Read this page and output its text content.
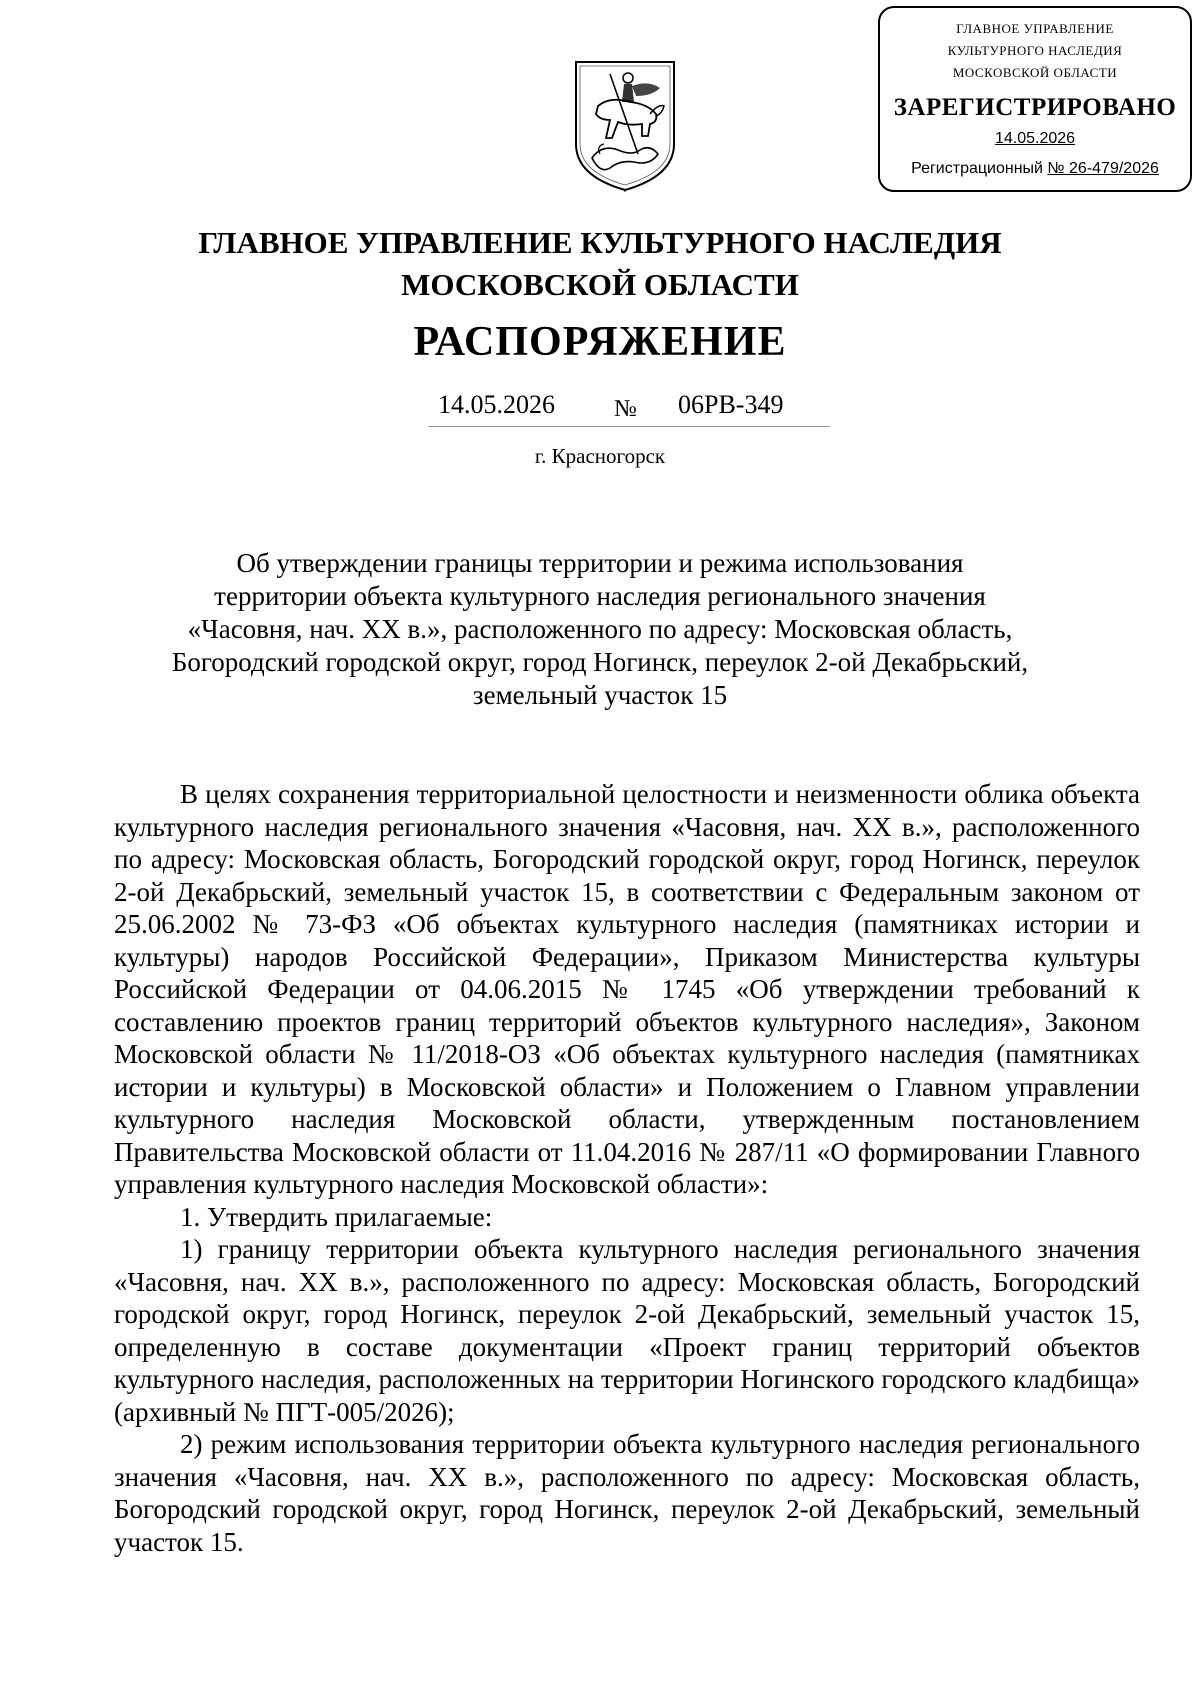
ГЛАВНОЕ УПРАВЛЕНИЕ
КУЛЬТУРНОГО НАСЛЕДИЯ
МОСКОВСКОЙ ОБЛАСТИ
ЗАРЕГИСТРИРОВАНО
14.05.2026
Регистрационный № 26-479/2026
ГЛАВНОЕ УПРАВЛЕНИЕ КУЛЬТУРНОГО НАСЛЕДИЯ
МОСКОВСКОЙ ОБЛАСТИ
РАСПОРЯЖЕНИЕ
14.05.2026 № 06РВ-349
г. Красногорск
Об утверждении границы территории и режима использования
территории объекта культурного наследия регионального значения
«Часовня, нач. XX в.», расположенного по адресу: Московская область,
Богородский городской округ, город Ногинск, переулок 2-ой Декабрьский,
земельный участок 15

В целях сохранения территориальной целостности и неизменности облика объекта культурного наследия регионального значения «Часовня, нач. XX в.», расположенного по адресу: Московская область, Богородский городской округ, город Ногинск, переулок 2-ой Декабрьский, земельный участок 15, в соответствии с Федеральным законом от 25.06.2002 № 73-ФЗ «Об объектах культурного наследия (памятниках истории и культуры) народов Российской Федерации», Приказом Министерства культуры Российской Федерации от 04.06.2015 № 1745 «Об утверждении требований к составлению проектов границ территорий объектов культурного наследия», Законом Московской области № 11/2018-ОЗ «Об объектах культурного наследия (памятниках истории и культуры) в Московской области» и Положением о Главном управлении культурного наследия Московской области, утвержденным постановлением Правительства Московской области от 11.04.2016 № 287/11 «О формировании Главного управления культурного наследия Московской области»:

1. Утвердить прилагаемые:

1) границу территории объекта культурного наследия регионального значения «Часовня, нач. XX в.», расположенного по адресу: Московская область, Богородский городской округ, город Ногинск, переулок 2-ой Декабрьский, земельный участок 15, определенную в составе документации «Проект границ территорий объектов культурного наследия, расположенных на территории Ногинского городского кладбища» (архивный № ПГТ-005/2026);

2) режим использования территории объекта культурного наследия регионального значения «Часовня, нач. XX в.», расположенного по адресу: Московская область, Богородский городской округ, город Ногинск, переулок 2-ой Декабрьский, земельный участок 15.
